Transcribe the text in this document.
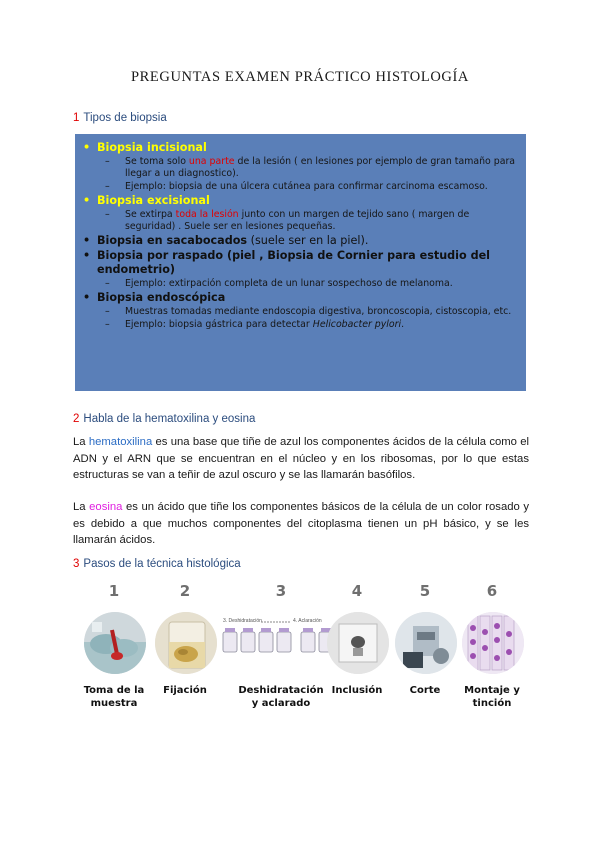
PREGUNTAS EXAMEN PRÁCTICO HISTOLOGÍA
1 Tipos de biopsia
• Biopsia incisional
– Se toma solo una parte de la lesión ( en lesiones por ejemplo de gran tamaño para llegar a un diagnostico).
– Ejemplo: biopsia de una úlcera cutánea para confirmar carcinoma escamoso.
• Biopsia excisional
– Se extirpa toda la lesión junto con un margen de tejido sano ( margen de seguridad) . Suele ser en lesiones pequeñas.
• Biopsia en sacabocados (suele ser en la piel).
• Biopsia por raspado (piel , Biopsia de Cornier para estudio del endometrio)
– Ejemplo: extirpación completa de un lunar sospechoso de melanoma.
• Biopsia endoscópica
– Muestras tomadas mediante endoscopia digestiva, broncoscopia, cistoscopia, etc.
– Ejemplo: biopsia gástrica para detectar Helicobacter pylori.
2 Habla de la hematoxilina y eosina
La hematoxilina es una base que tiñe de azul los componentes ácidos de la célula como el ADN y el ARN que se encuentran en el núcleo y en los ribosomas, por lo que estas estructuras se van a teñir de azul oscuro y se las llamarán basófilos.
La eosina es un ácido que tiñe los componentes básicos de la célula de un color rosado y es debido a que muchos componentes del citoplasma tienen un pH básico, y se les llamarán ácidos.
3 Pasos de la técnica histológica
1
Toma de la
muestra
2
Fijación
3
3. Deshidratación	4. Aclaración
Deshidratación
y aclarado
4
Inclusión
5
Corte
6
Montaje y
tinción
